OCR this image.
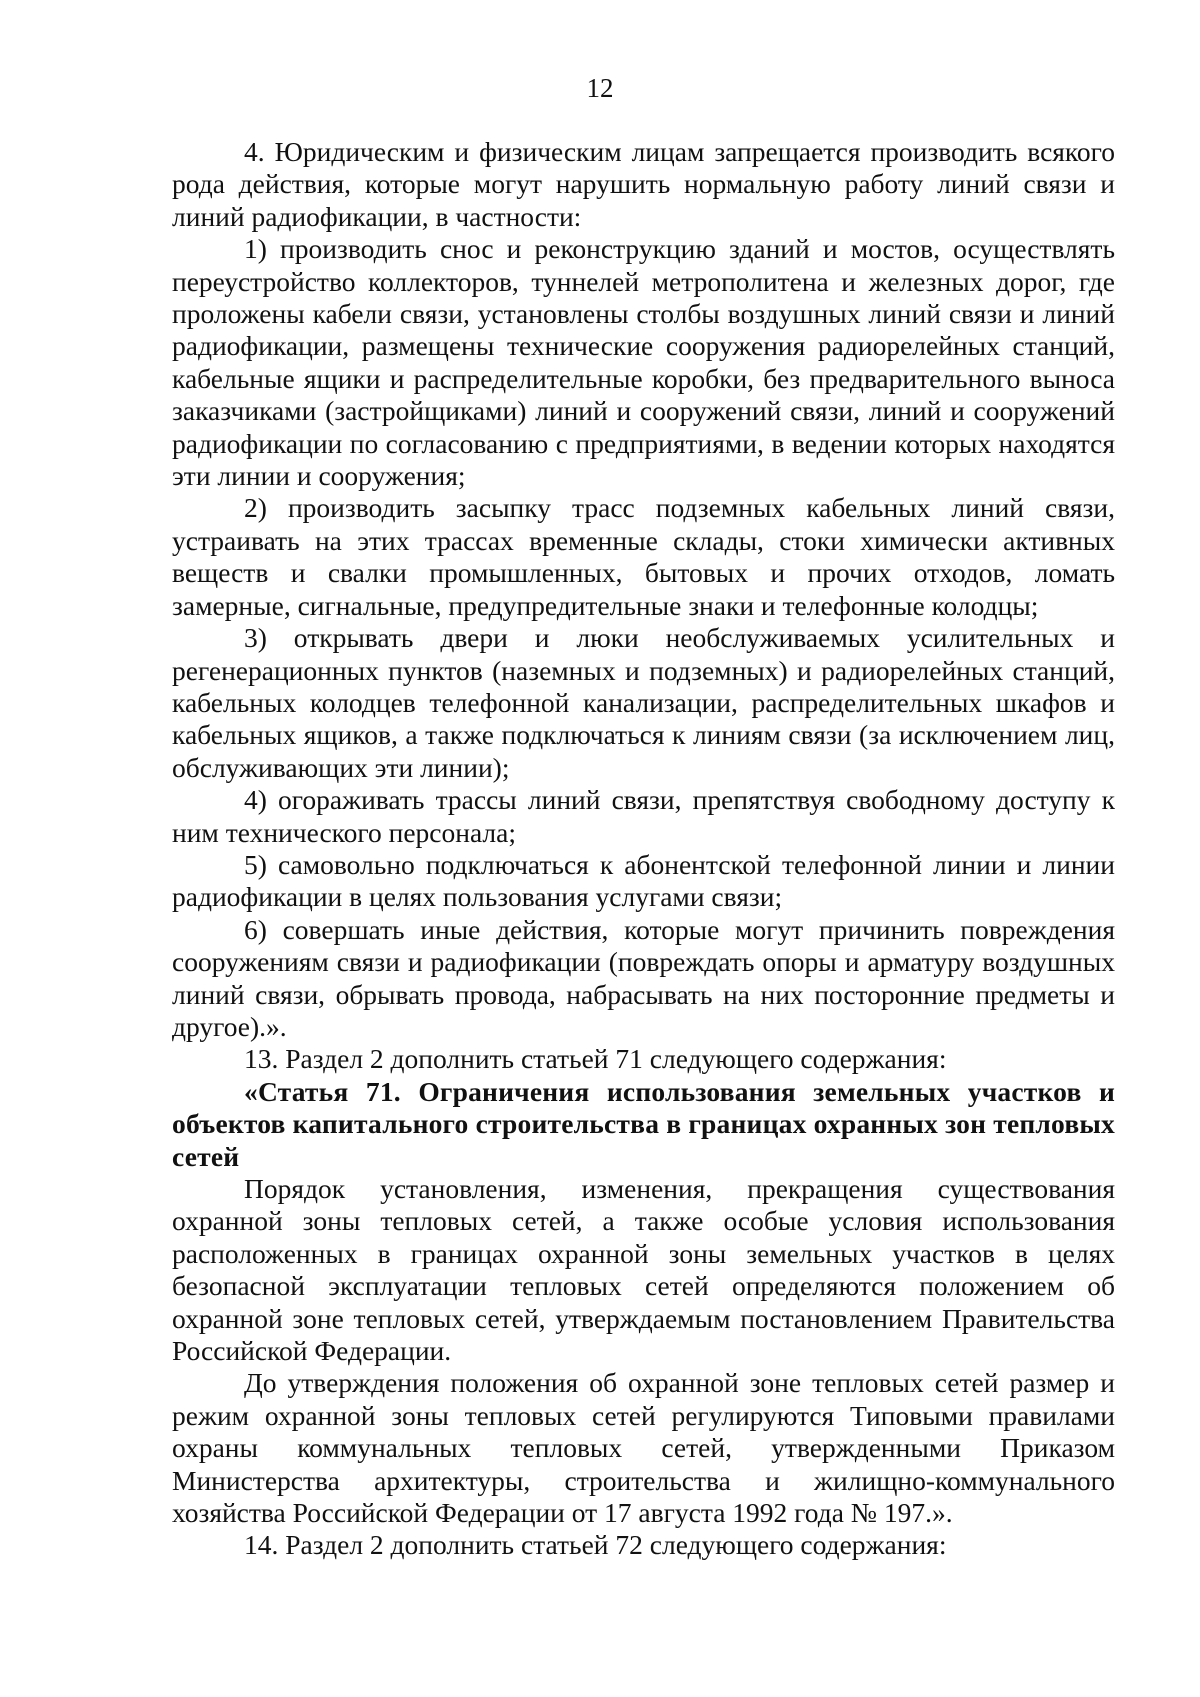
12

4. Юридическим и физическим лицам запрещается производить всякого рода действия, которые могут нарушить нормальную работу линий связи и линий радиофикации, в частности:

1) производить снос и реконструкцию зданий и мостов, осуществлять переустройство коллекторов, туннелей метрополитена и железных дорог, где проложены кабели связи, установлены столбы воздушных линий связи и линий радиофикации, размещены технические сооружения радиорелейных станций, кабельные ящики и распределительные коробки, без предварительного выноса заказчиками (застройщиками) линий и сооружений связи, линий и сооружений радиофикации по согласованию с предприятиями, в ведении которых находятся эти линии и сооружения;

2) производить засыпку трасс подземных кабельных линий связи, устраивать на этих трассах временные склады, стоки химически активных веществ и свалки промышленных, бытовых и прочих отходов, ломать замерные, сигнальные, предупредительные знаки и телефонные колодцы;

3) открывать двери и люки необслуживаемых усилительных и регенерационных пунктов (наземных и подземных) и радиорелейных станций, кабельных колодцев телефонной канализации, распределительных шкафов и кабельных ящиков, а также подключаться к линиям связи (за исключением лиц, обслуживающих эти линии);

4) огораживать трассы линий связи, препятствуя свободному доступу к ним технического персонала;

5) самовольно подключаться к абонентской телефонной линии и линии радиофикации в целях пользования услугами связи;

6) совершать иные действия, которые могут причинить повреждения сооружениям связи и радиофикации (повреждать опоры и арматуру воздушных линий связи, обрывать провода, набрасывать на них посторонние предметы и другое).».

13. Раздел 2 дополнить статьей 71 следующего содержания:

«Статья 71. Ограничения использования земельных участков и объектов капитального строительства в границах охранных зон тепловых сетей

Порядок установления, изменения, прекращения существования охранной зоны тепловых сетей, а также особые условия использования расположенных в границах охранной зоны земельных участков в целях безопасной эксплуатации тепловых сетей определяются положением об охранной зоне тепловых сетей, утверждаемым постановлением Правительства Российской Федерации.

До утверждения положения об охранной зоне тепловых сетей размер и режим охранной зоны тепловых сетей регулируются Типовыми правилами охраны коммунальных тепловых сетей, утвержденными Приказом Министерства архитектуры, строительства и жилищно-коммунального хозяйства Российской Федерации от 17 августа 1992 года № 197.».

14. Раздел 2 дополнить статьей 72 следующего содержания:
